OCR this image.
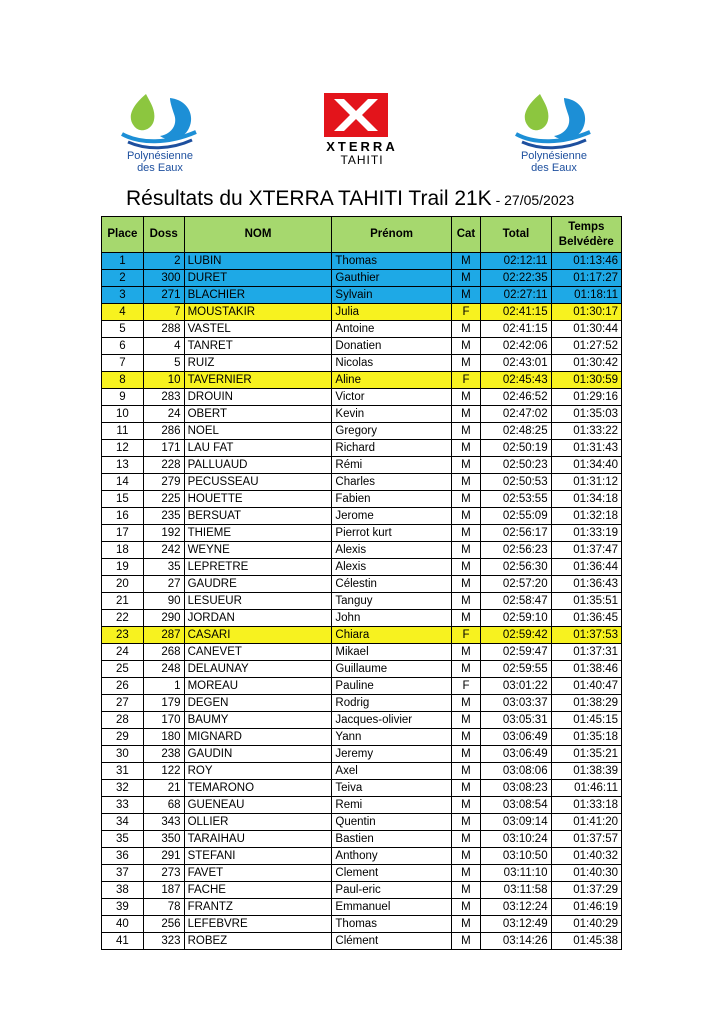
Polynésienne
des Eaux
XTERRA
TAHITI	Polynésienne
des Eaux
Résultats du XTERRA TAHITI Trail 21K - 27/05/2023
Place	Doss	NOM	Prénom	Cat	Total	Temps
Belvédère
1	2	LUBIN	Thomas	M	02:12:11	01:13:46
2	300	DURET	Gauthier	M	02:22:35	01:17:27
3	271	BLACHIER	Sylvain	M	02:27:11	01:18:11
4	7	MOUSTAKIR	Julia	F	02:41:15	01:30:17
5	288	VASTEL	Antoine	M	02:41:15	01:30:44
6	4	TANRET	Donatien	M	02:42:06	01:27:52
7	5	RUIZ	Nicolas	M	02:43:01	01:30:42
8	10	TAVERNIER	Aline	F	02:45:43	01:30:59
9	283	DROUIN	Victor	M	02:46:52	01:29:16
10	24	OBERT	Kevin	M	02:47:02	01:35:03
11	286	NOEL	Gregory	M	02:48:25	01:33:22
12	171	LAU FAT	Richard	M	02:50:19	01:31:43
13	228	PALLUAUD	Rémi	M	02:50:23	01:34:40
14	279	PECUSSEAU	Charles	M	02:50:53	01:31:12
15	225	HOUETTE	Fabien	M	02:53:55	01:34:18
16	235	BERSUAT	Jerome	M	02:55:09	01:32:18
17	192	THIEME	Pierrot kurt	M	02:56:17	01:33:19
18	242	WEYNE	Alexis	M	02:56:23	01:37:47
19	35	LEPRETRE	Alexis	M	02:56:30	01:36:44
20	27	GAUDRE	Célestin	M	02:57:20	01:36:43
21	90	LESUEUR	Tanguy	M	02:58:47	01:35:51
22	290	JORDAN	John	M	02:59:10	01:36:45
23	287	CASARI	Chiara	F	02:59:42	01:37:53
24	268	CANEVET	Mikael	M	02:59:47	01:37:31
25	248	DELAUNAY	Guillaume	M	02:59:55	01:38:46
26	1	MOREAU	Pauline	F	03:01:22	01:40:47
27	179	DEGEN	Rodrig	M	03:03:37	01:38:29
28	170	BAUMY	Jacques-olivier	M	03:05:31	01:45:15
29	180	MIGNARD	Yann	M	03:06:49	01:35:18
30	238	GAUDIN	Jeremy	M	03:06:49	01:35:21
31	122	ROY	Axel	M	03:08:06	01:38:39
32	21	TEMARONO	Teiva	M	03:08:23	01:46:11
33	68	GUENEAU	Remi	M	03:08:54	01:33:18
34	343	OLLIER	Quentin	M	03:09:14	01:41:20
35	350	TARAIHAU	Bastien	M	03:10:24	01:37:57
36	291	STEFANI	Anthony	M	03:10:50	01:40:32
37	273	FAVET	Clement	M	03:11:10	01:40:30
38	187	FACHE	Paul-eric	M	03:11:58	01:37:29
39	78	FRANTZ	Emmanuel	M	03:12:24	01:46:19
40	256	LEFEBVRE	Thomas	M	03:12:49	01:40:29
41	323	ROBEZ	Clément	M	03:14:26	01:45:38
